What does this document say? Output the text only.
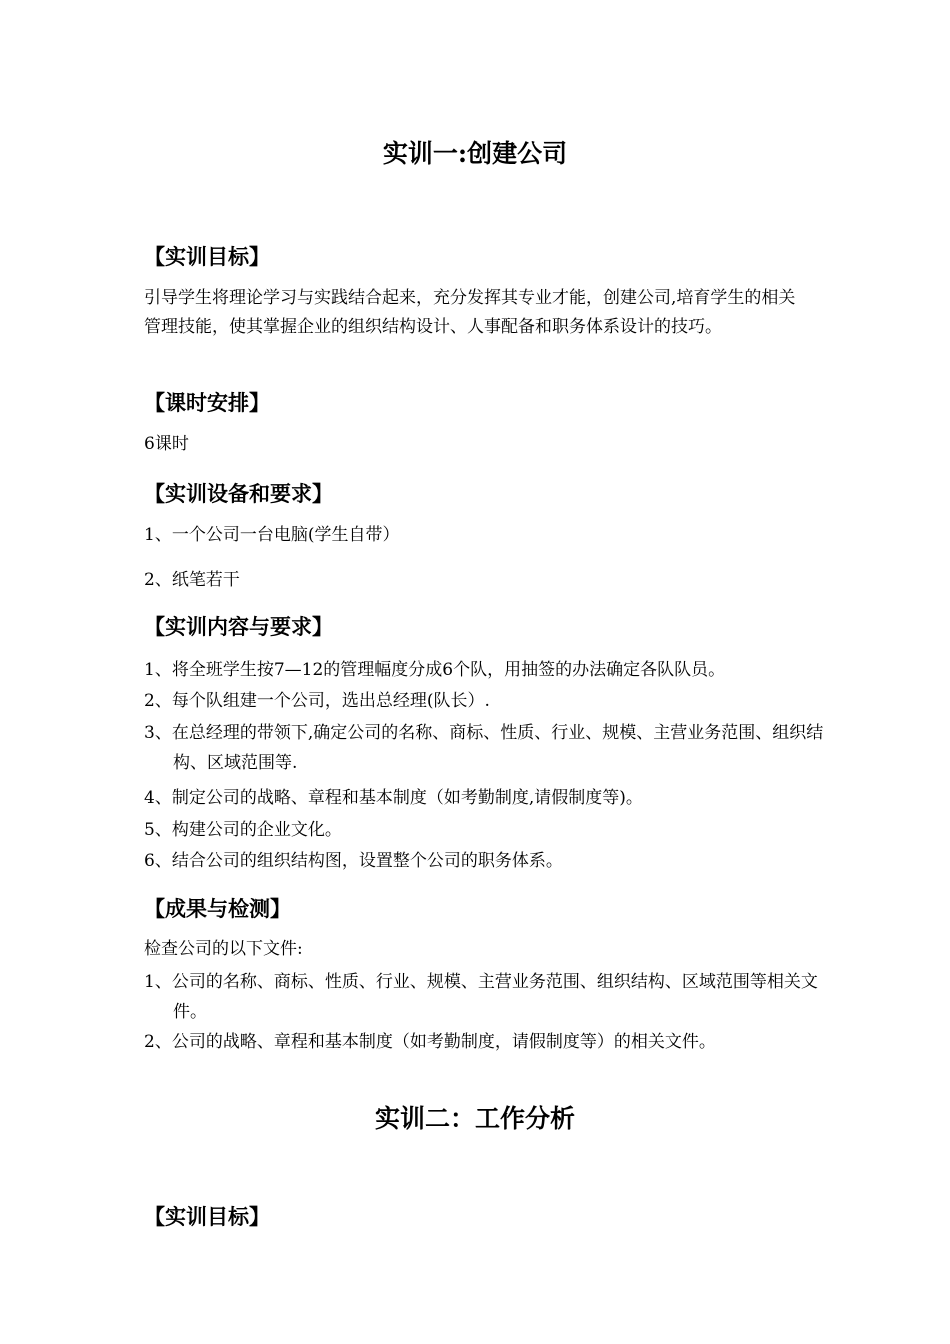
实训一:创建公司
【实训目标】

引导学生将理论学习与实践结合起来，充分发挥其专业才能，创建公司,培育学生的相关管理技能，使其掌握企业的组织结构设计、人事配备和职务体系设计的技巧。

【课时安排】

6课时

【实训设备和要求】

1、一个公司一台电脑(学生自带）

2、纸笔若干

【实训内容与要求】

1、将全班学生按7—12的管理幅度分成6个队，用抽签的办法确定各队队员。

2、每个队组建一个公司，选出总经理(队长）.

3、在总经理的带领下,确定公司的名称、商标、性质、行业、规模、主营业务范围、组织结构、区域范围等.

4、制定公司的战略、章程和基本制度（如考勤制度,请假制度等)。

5、构建公司的企业文化。

6、结合公司的组织结构图，设置整个公司的职务体系。

【成果与检测】

检查公司的以下文件:

1、公司的名称、商标、性质、行业、规模、主营业务范围、组织结构、区域范围等相关文件。

2、公司的战略、章程和基本制度（如考勤制度，请假制度等）的相关文件。

实训二：工作分析
【实训目标】
